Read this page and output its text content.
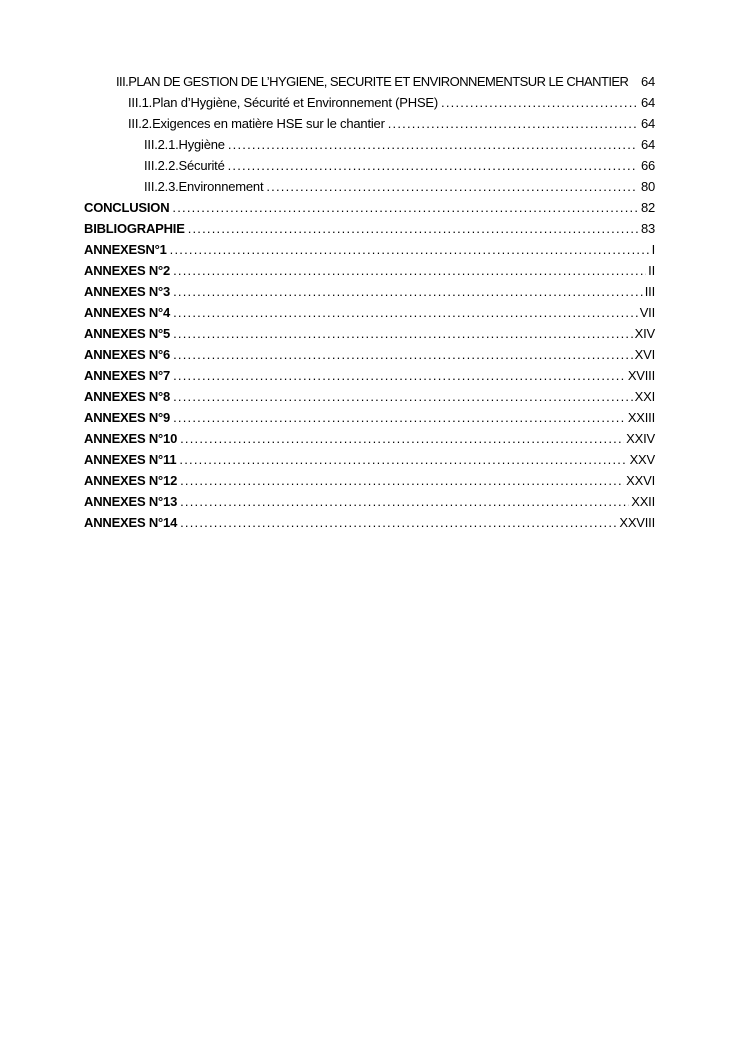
III.PLAN DE GESTION DE L’HYGIENE, SECURITE ET ENVIRONNEMENTSUR LE CHANTIER 64
III.1.Plan d’Hygiène, Sécurité et Environnement (PHSE) .....	64
III.2.Exigences en matière HSE sur le chantier .....	64
III.2.1.Hygiène .....	64
III.2.2.Sécurité .....	66
III.2.3.Environnement .....	80
CONCLUSION .....	82
BIBLIOGRAPHIE .....	83
ANNEXESN°1 .....	I
ANNEXES N°2 .....	II
ANNEXES N°3 .....	III
ANNEXES N°4 .....	VII
ANNEXES N°5 .....	XIV
ANNEXES N°6 .....	XVI
ANNEXES N°7 .....	XVIII
ANNEXES N°8 .....	XXI
ANNEXES N°9 .....	XXIII
ANNEXES N°10 .....	XXIV
ANNEXES N°11 .....	XXV
ANNEXES N°12 .....	XXVI
ANNEXES N°13 .....	XXII
ANNEXES N°14 .....	XXVIII
